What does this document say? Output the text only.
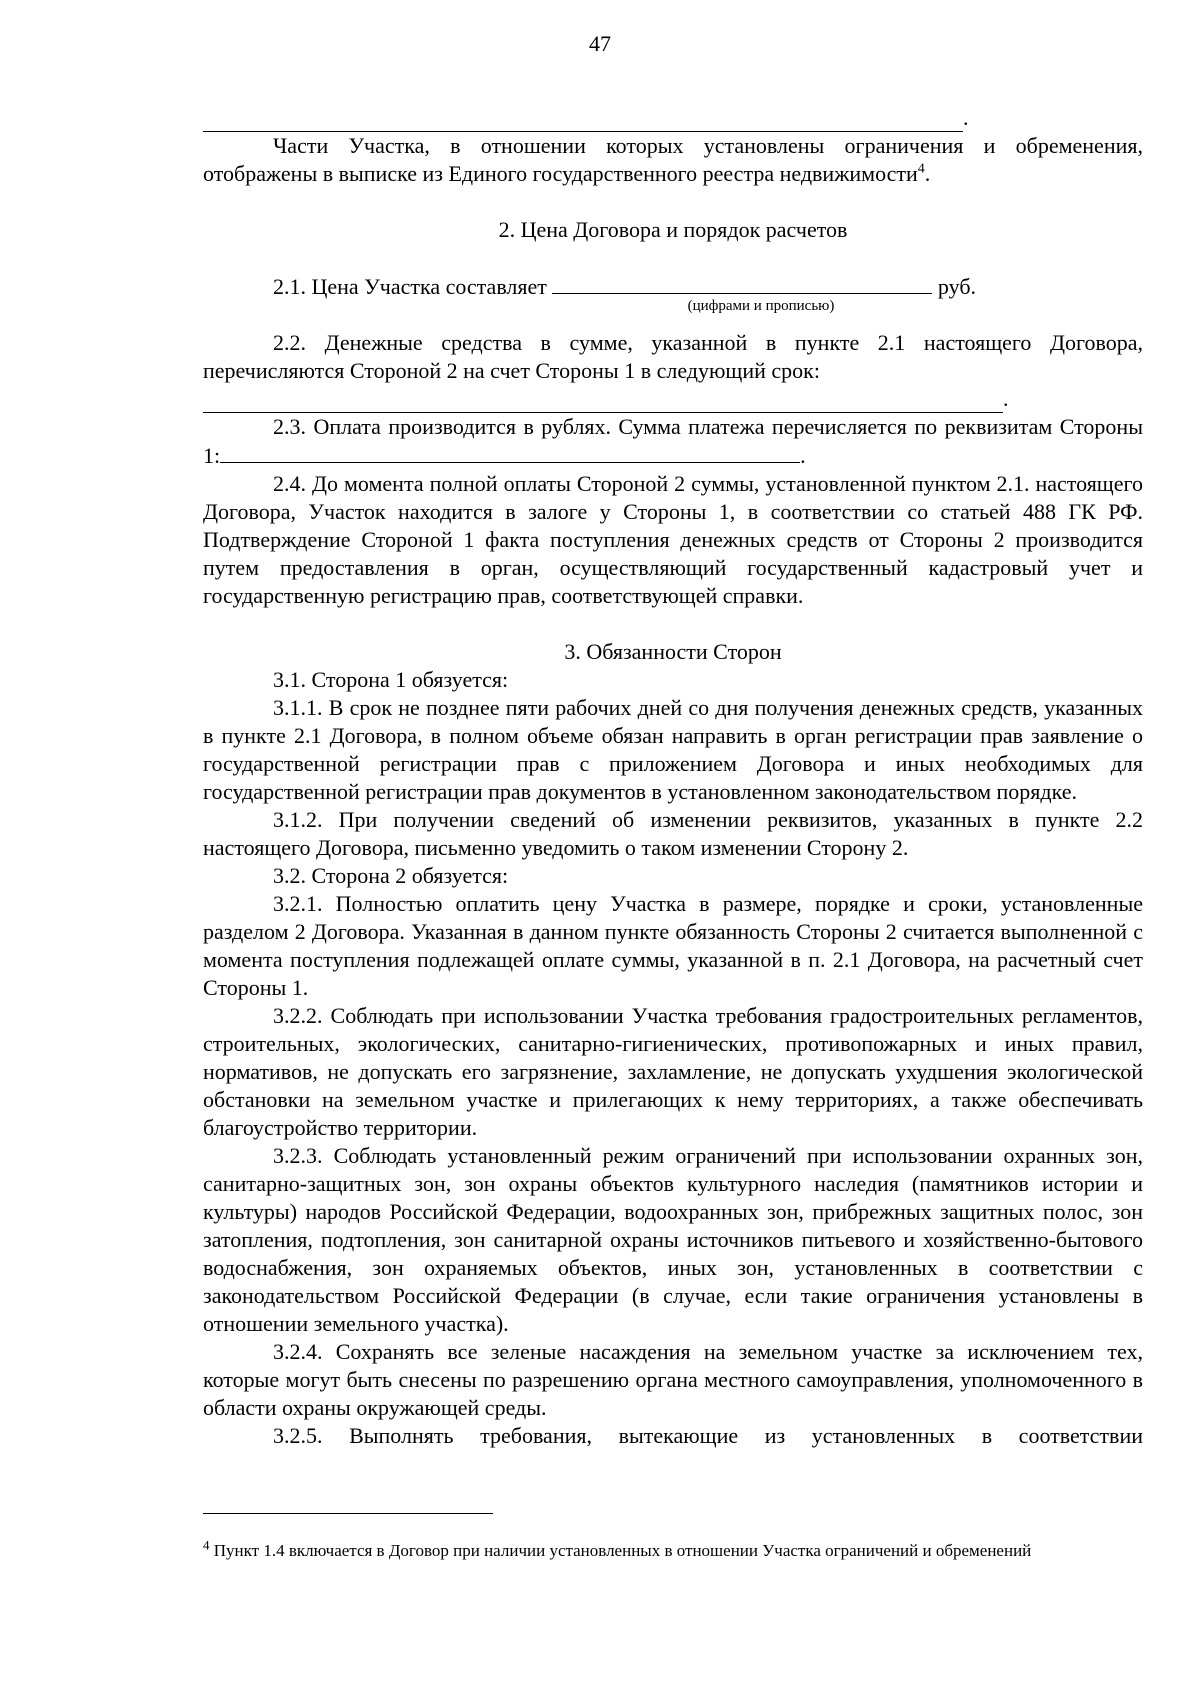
47
.

Части Участка, в отношении которых установлены ограничения и обременения, отображены в выписке из Единого государственного реестра недвижимости$^4$.

2. Цена Договора и порядок расчетов

2.1. Цена Участка составляет	руб.

(цифрами и прописью)

2.2. Денежные средства в сумме, указанной в пункте 2.1 настоящего Договора, перечисляются Стороной 2 на счет Стороны 1 в следующий срок:

.

2.3. Оплата производится в рублях. Сумма платежа перечисляется по реквизитам Стороны 1:	.

2.4. До момента полной оплаты Стороной 2 суммы, установленной пунктом 2.1. настоящего Договора, Участок находится в залоге у Стороны 1, в соответствии со статьей 488 ГК РФ. Подтверждение Стороной 1 факта поступления денежных средств от Стороны 2 производится путем предоставления в орган, осуществляющий государственный кадастровый учет и государственную регистрацию прав, соответствующей справки.

3. Обязанности Сторон

3.1. Сторона 1 обязуется:

3.1.1. В срок не позднее пяти рабочих дней со дня получения денежных средств, указанных в пункте 2.1 Договора, в полном объеме обязан направить в орган регистрации прав заявление о государственной регистрации прав с приложением Договора и иных необходимых для государственной регистрации прав документов в установленном законодательством порядке.

3.1.2. При получении сведений об изменении реквизитов, указанных в пункте 2.2 настоящего Договора, письменно уведомить о таком изменении Сторону 2.

3.2. Сторона 2 обязуется:

3.2.1. Полностью оплатить цену Участка в размере, порядке и сроки, установленные разделом 2 Договора. Указанная в данном пункте обязанность Стороны 2 считается выполненной с момента поступления подлежащей оплате суммы, указанной в п. 2.1 Договора, на расчетный счет Стороны 1.

3.2.2. Соблюдать при использовании Участка требования градостроительных регламентов, строительных, экологических, санитарно-гигиенических, противопожарных и иных правил, нормативов, не допускать его загрязнение, захламление, не допускать ухудшения экологической обстановки на земельном участке и прилегающих к нему территориях, а также обеспечивать благоустройство территории.

3.2.3. Соблюдать установленный режим ограничений при использовании охранных зон, санитарно-защитных зон, зон охраны объектов культурного наследия (памятников истории и культуры) народов Российской Федерации, водоохранных зон, прибрежных защитных полос, зон затопления, подтопления, зон санитарной охраны источников питьевого и хозяйственно-бытового водоснабжения, зон охраняемых объектов, иных зон, установленных в соответствии с законодательством Российской Федерации (в случае, если такие ограничения установлены в отношении земельного участка).

3.2.4. Сохранять все зеленые насаждения на земельном участке за исключением тех, которые могут быть снесены по разрешению органа местного самоуправления, уполномоченного в области охраны окружающей среды.

3.2.5. Выполнять требования, вытекающие из установленных в соответствии

$^4$ Пункт 1.4 включается в Договор при наличии установленных в отношении Участка ограничений и обременений
